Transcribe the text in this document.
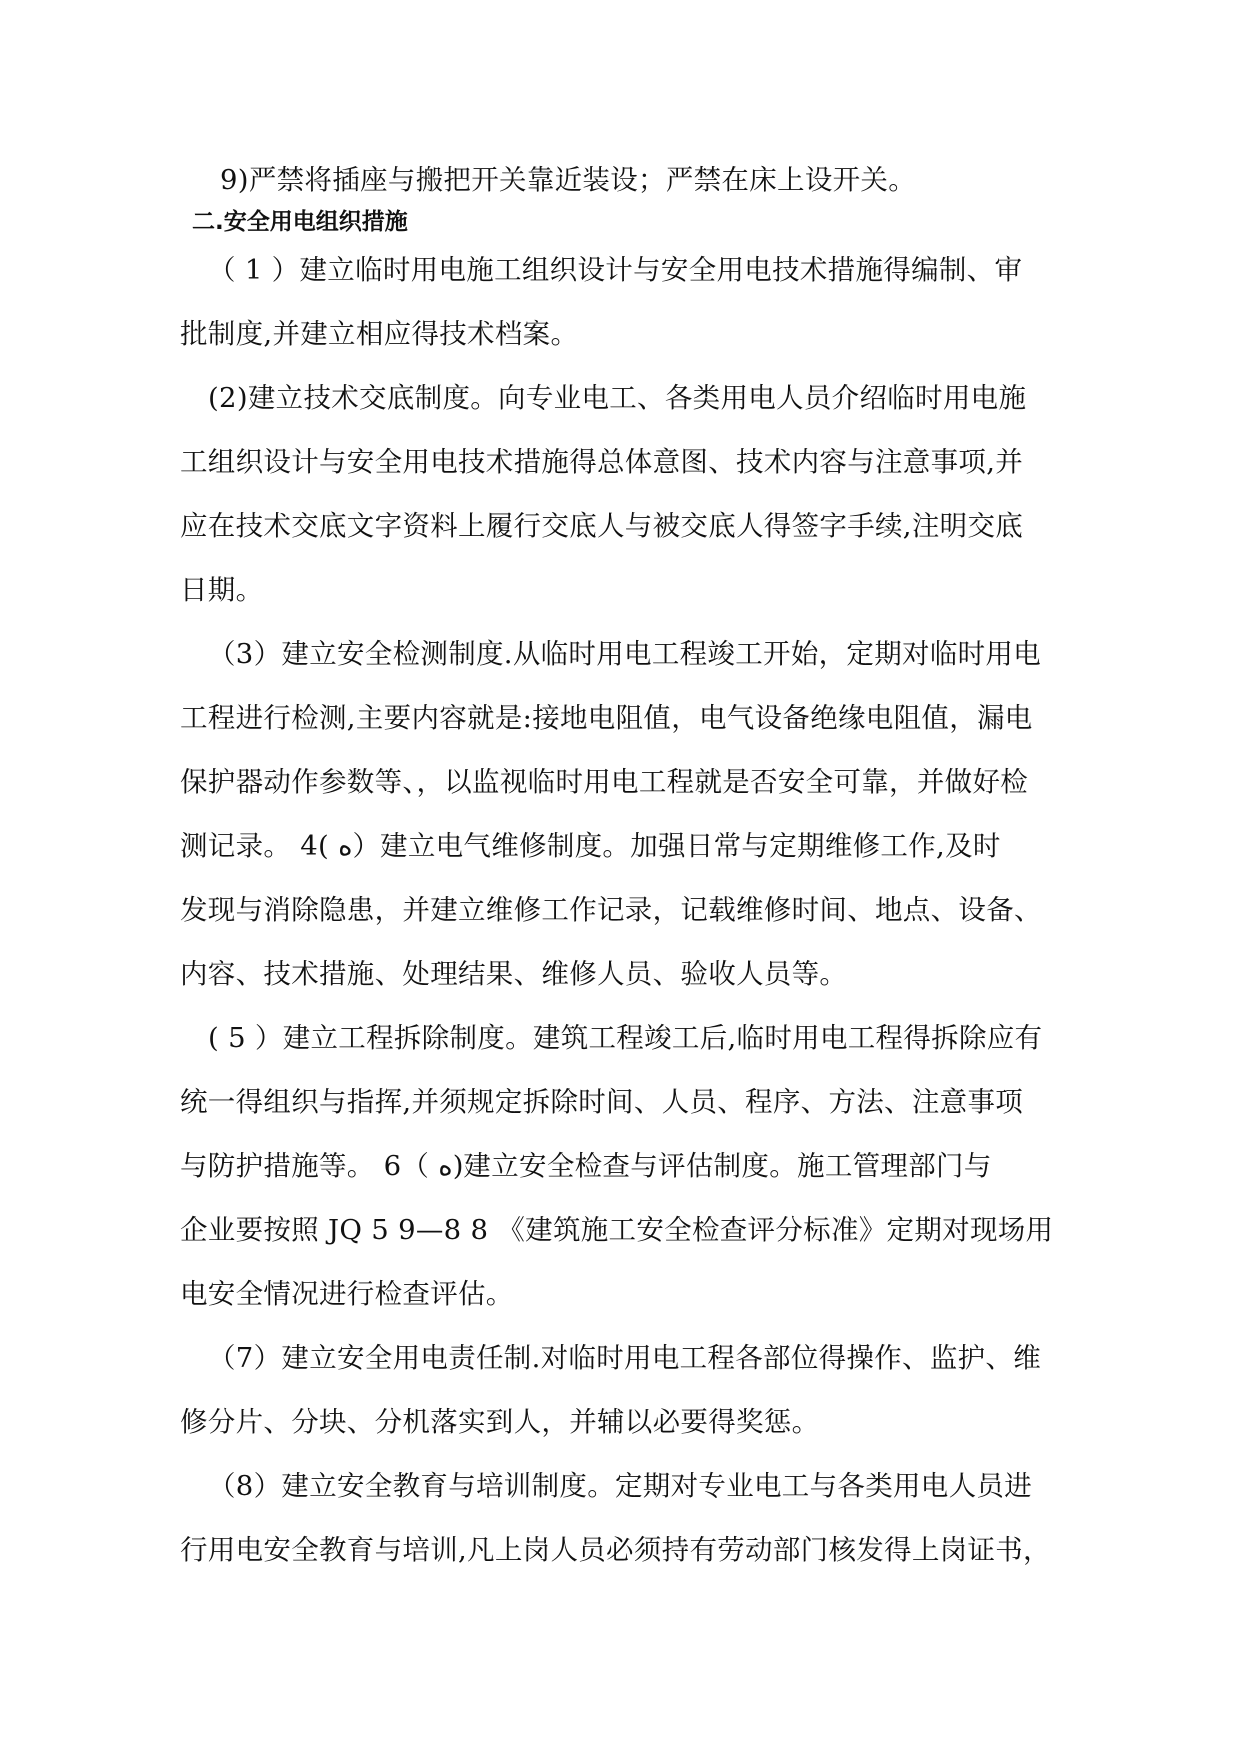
9)严禁将插座与搬把开关靠近装设；严禁在床上设开关。
二.安全用电组织措施
（ 1 ）建立临时用电施工组织设计与安全用电技术措施得编制、审
批制度,并建立相应得技术档案。
(2)建立技术交底制度。向专业电工、各类用电人员介绍临时用电施
工组织设计与安全用电技术措施得总体意图、技术内容与注意事项,并
应在技术交底文字资料上履行交底人与被交底人得签字手续,注明交底
日期。
（3）建立安全检测制度.从临时用电工程竣工开始，定期对临时用电
工程进行检测,主要内容就是:接地电阻值，电气设备绝缘电阻值，漏电
保护器动作参数等、，以监视临时用电工程就是否安全可靠，并做好检
测记录。 4( ه）建立电气维修制度。加强日常与定期维修工作,及时
发现与消除隐患，并建立维修工作记录，记载维修时间、地点、设备、
内容、技术措施、处理结果、维修人员、验收人员等。
( 5 ）建立工程拆除制度。建筑工程竣工后,临时用电工程得拆除应有
统一得组织与指挥,并须规定拆除时间、人员、程序、方法、注意事项
与防护措施等。 6（ ه)建立安全检查与评估制度。施工管理部门与
企业要按照 JQ 5 9—8 8 《建筑施工安全检查评分标准》定期对现场用
电安全情况进行检查评估。
（7）建立安全用电责任制.对临时用电工程各部位得操作、监护、维
修分片、分块、分机落实到人，并辅以必要得奖惩。
（8）建立安全教育与培训制度。定期对专业电工与各类用电人员进
行用电安全教育与培训,凡上岗人员必须持有劳动部门核发得上岗证书，
